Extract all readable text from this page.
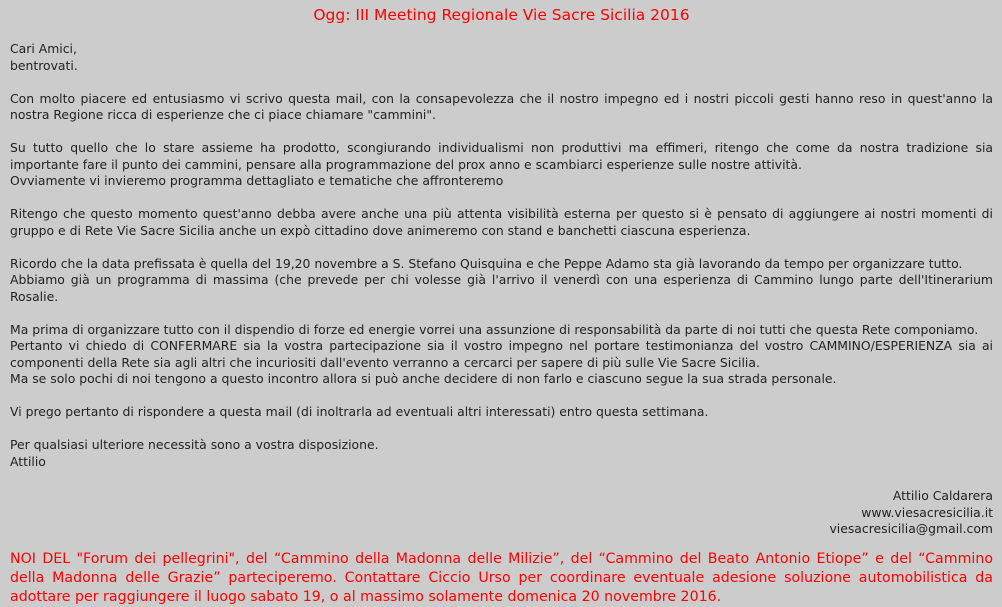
Ogg: III Meeting Regionale Vie Sacre Sicilia 2016

Cari Amici,
bentrovati.

Con molto piacere ed entusiasmo vi scrivo questa mail, con la consapevolezza che il nostro impegno ed i nostri piccoli gesti hanno reso in quest'anno la nostra Regione ricca di esperienze che ci piace chiamare "cammini".

Su tutto quello che lo stare assieme ha prodotto, scongiurando individualismi non produttivi ma effimeri, ritengo che come da nostra tradizione sia importante fare il punto dei cammini, pensare alla programmazione del prox anno e scambiarci esperienze sulle nostre attività.
Ovviamente vi invieremo programma dettagliato e tematiche che affronteremo

Ritengo che questo momento quest'anno debba avere anche una più attenta visibilità esterna per questo si è pensato di aggiungere ai nostri momenti di gruppo e di Rete Vie Sacre Sicilia anche un expò cittadino dove animeremo con stand e banchetti ciascuna esperienza.

Ricordo che la data prefissata è quella del 19,20 novembre a S. Stefano Quisquina e che Peppe Adamo sta già lavorando da tempo per organizzare tutto.
Abbiamo già un programma di massima (che prevede per chi volesse già l'arrivo il venerdì con una esperienza di Cammino lungo parte dell'Itinerarium Rosalie.

Ma prima di organizzare tutto con il dispendio di forze ed energie vorrei una assunzione di responsabilità da parte di noi tutti che questa Rete componiamo.
Pertanto vi chiedo di CONFERMARE sia la vostra partecipazione sia il vostro impegno nel portare testimonianza del vostro CAMMINO/ESPERIENZA sia ai componenti della Rete sia agli altri che incuriositi dall'evento verranno a cercarci per sapere di più sulle Vie Sacre Sicilia.
Ma se solo pochi di noi tengono a questo incontro allora si può anche decidere di non farlo e ciascuno segue la sua strada personale.

Vi prego pertanto di rispondere a questa mail (di inoltrarla ad eventuali altri interessati) entro questa settimana.

Per qualsiasi ulteriore necessità sono a vostra disposizione.
Attilio

Attilio Caldarera
www.viesacresicilia.it
viesacresicilia@gmail.com
NOI DEL "Forum dei pellegrini", del “Cammino della Madonna delle Milizie”, del “Cammino del Beato Antonio Etiope” e del “Cammino della Madonna delle Grazie” parteciperemo. Contattare Ciccio Urso per coordinare eventuale adesione soluzione automobilistica da adottare per raggiungere il luogo sabato 19, o al massimo solamente domenica 20 novembre 2016.
